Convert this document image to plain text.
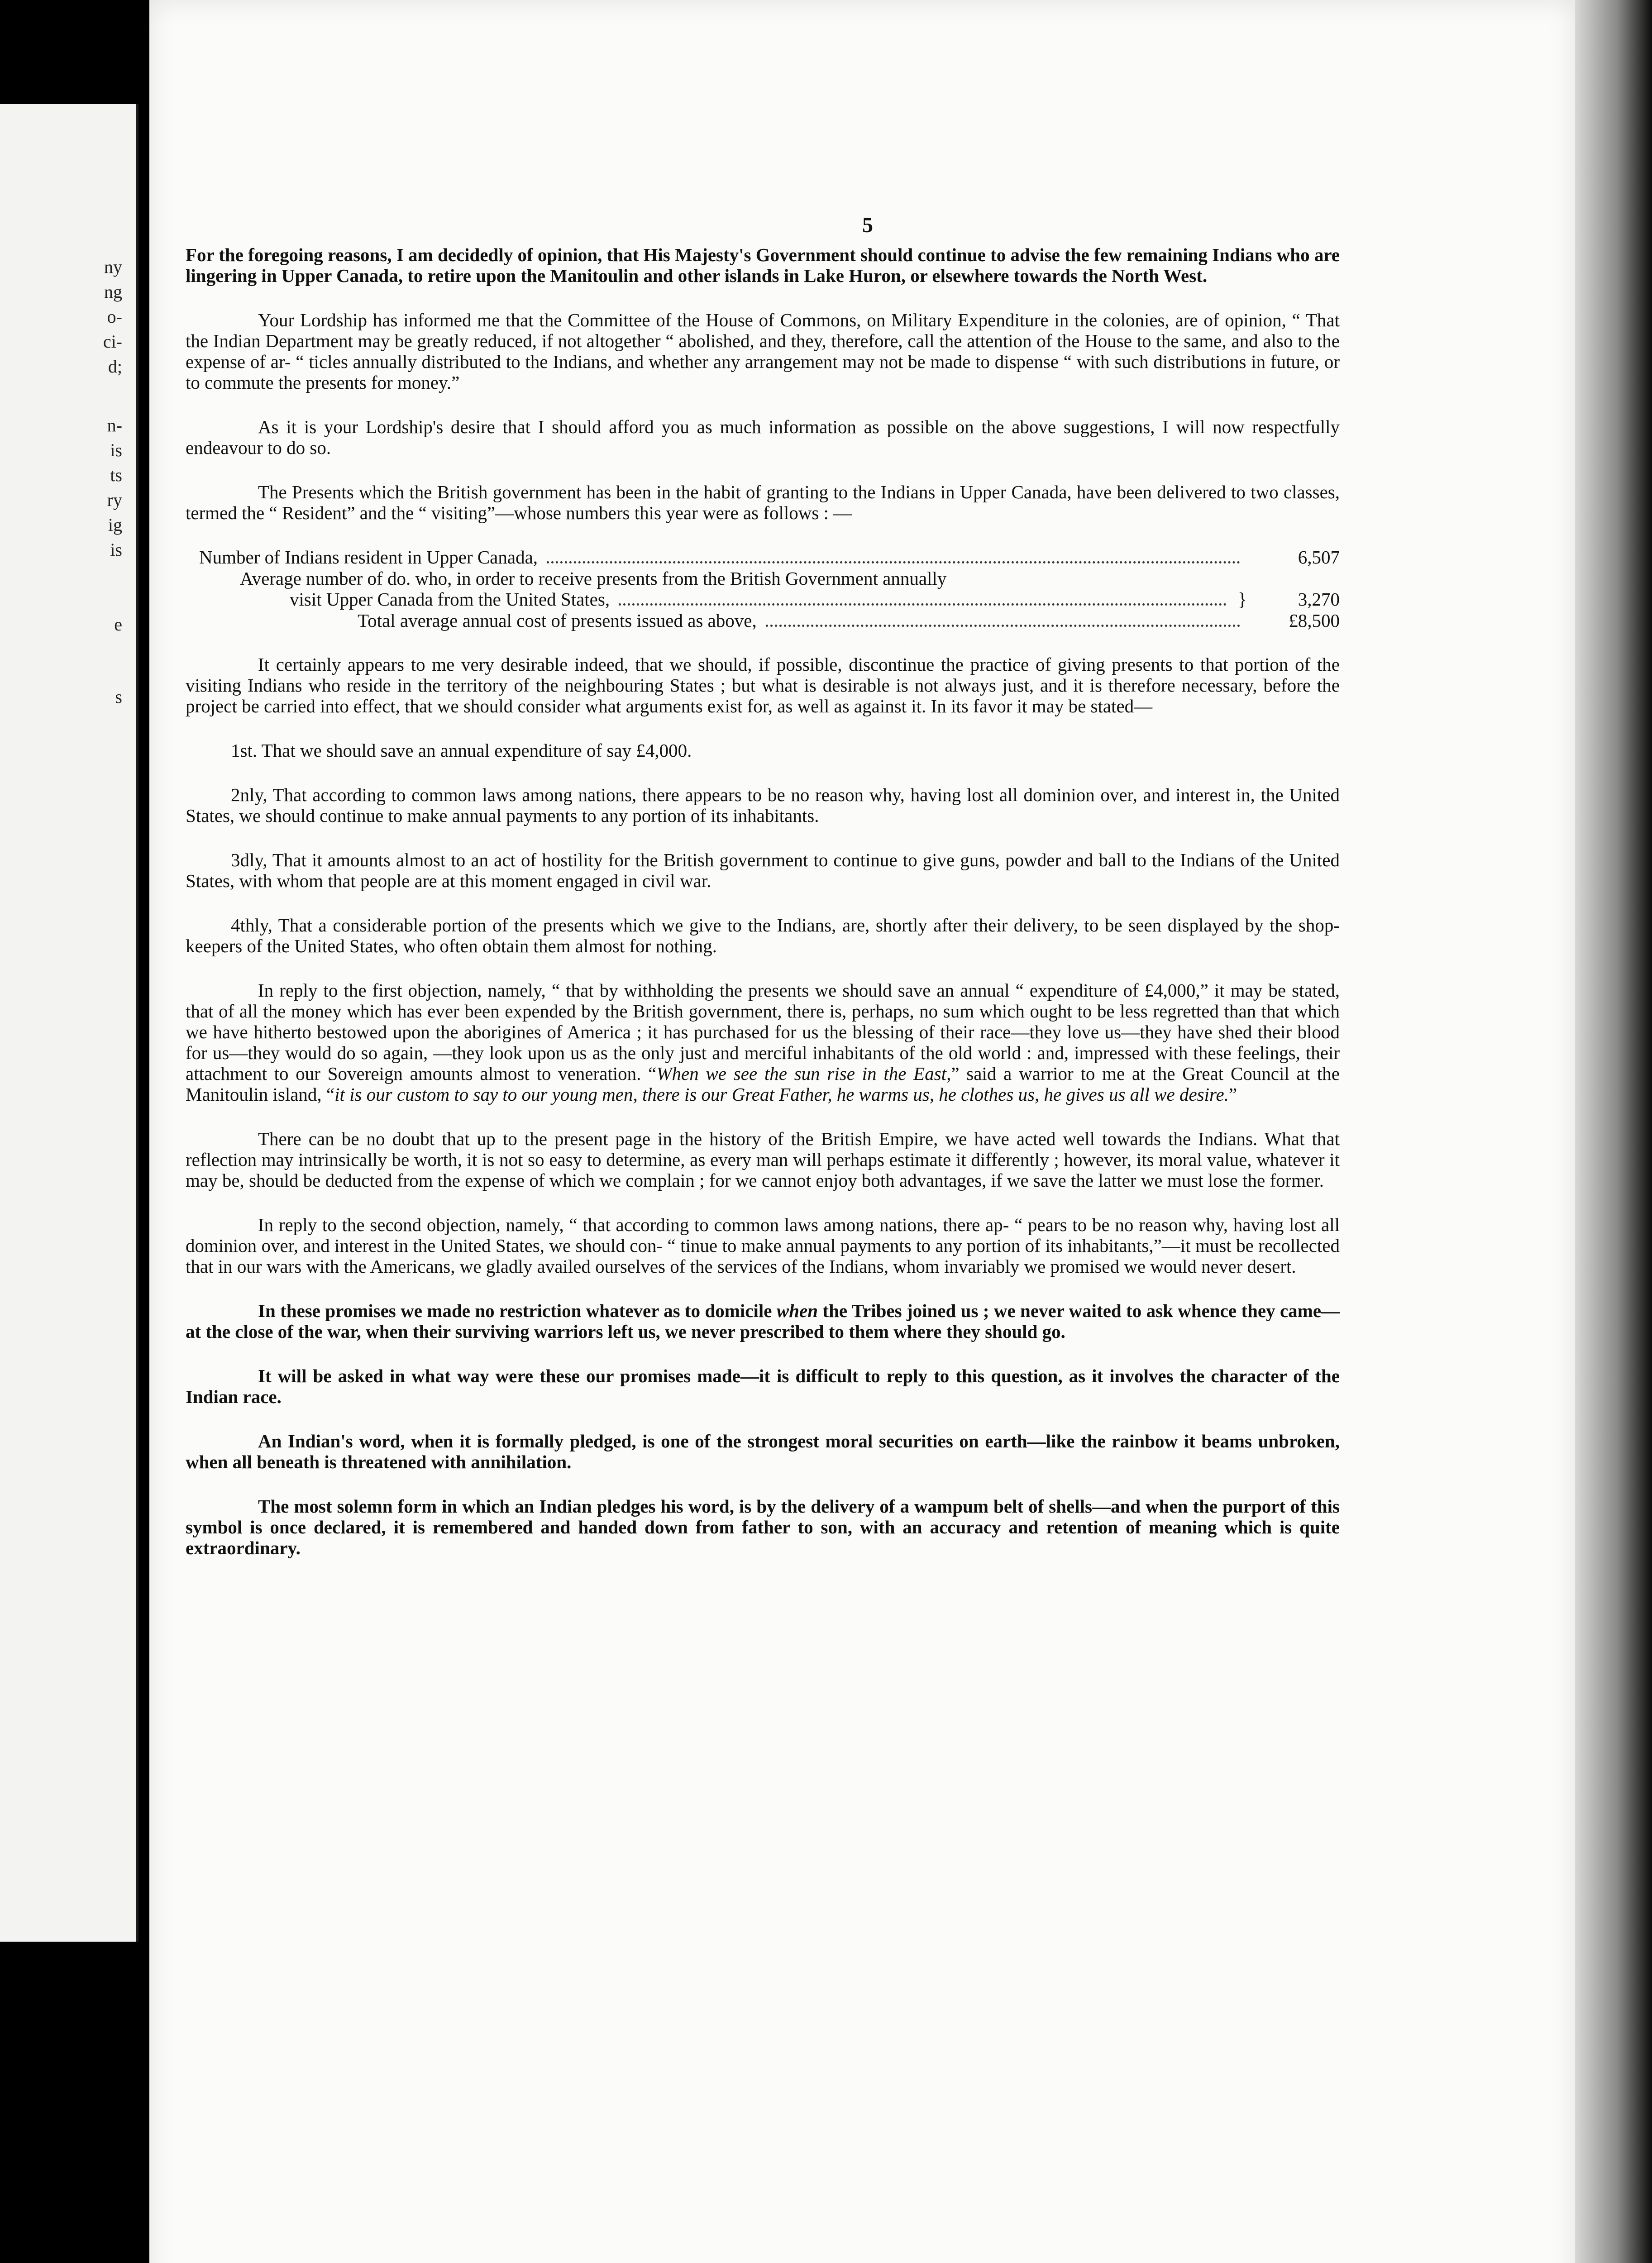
ny
ng
o-
ci-
d;
n-
is
ts
ry
ig
is
e
s
5

For the foregoing reasons, I am decidedly of opinion, that His Majesty's Government should continue to advise the few remaining Indians who are lingering in Upper Canada, to retire upon the Manitoulin and other islands in Lake Huron, or elsewhere towards the North West.

Your Lordship has informed me that the Committee of the House of Commons, on Military Expenditure in the colonies, are of opinion, “ That the Indian Department may be greatly reduced, if not altogether “ abolished, and they, therefore, call the attention of the House to the same, and also to the expense of ar- “ ticles annually distributed to the Indians, and whether any arrangement may not be made to dispense “ with such distributions in future, or to commute the presents for money.”

As it is your Lordship's desire that I should afford you as much information as possible on the above suggestions, I will now respectfully endeavour to do so.

The Presents which the British government has been in the habit of granting to the Indians in Upper Canada, have been delivered to two classes, termed the “ Resident” and the “ visiting”—whose numbers this year were as follows : —

Number of Indians resident in Upper Canada,	6,507
Average number of do. who, in order to receive presents from the British Government annually
visit Upper Canada from the United States,	}	3,270
Total average annual cost of presents issued as above,	£8,500

It certainly appears to me very desirable indeed, that we should, if possible, discontinue the practice of giving presents to that portion of the visiting Indians who reside in the territory of the neighbouring States ; but what is desirable is not always just, and it is therefore necessary, before the project be carried into effect, that we should consider what arguments exist for, as well as against it. In its favor it may be stated—

1st. That we should save an annual expenditure of say £4,000.

2nly, That according to common laws among nations, there appears to be no reason why, having lost all dominion over, and interest in, the United States, we should continue to make annual payments to any portion of its inhabitants.

3dly, That it amounts almost to an act of hostility for the British government to continue to give guns, powder and ball to the Indians of the United States, with whom that people are at this moment engaged in civil war.

4thly, That a considerable portion of the presents which we give to the Indians, are, shortly after their delivery, to be seen displayed by the shop-keepers of the United States, who often obtain them almost for nothing.

In reply to the first objection, namely, “ that by withholding the presents we should save an annual “ expenditure of £4,000,” it may be stated, that of all the money which has ever been expended by the British government, there is, perhaps, no sum which ought to be less regretted than that which we have hitherto bestowed upon the aborigines of America ; it has purchased for us the blessing of their race—they love us—they have shed their blood for us—they would do so again, —they look upon us as the only just and merciful inhabitants of the old world : and, impressed with these feelings, their attachment to our Sovereign amounts almost to veneration. “When we see the sun rise in the East,” said a warrior to me at the Great Council at the Manitoulin island, “it is our custom to say to our young men, there is our Great Father, he warms us, he clothes us, he gives us all we desire.”

There can be no doubt that up to the present page in the history of the British Empire, we have acted well towards the Indians. What that reflection may intrinsically be worth, it is not so easy to determine, as every man will perhaps estimate it differently ; however, its moral value, whatever it may be, should be deducted from the expense of which we complain ; for we cannot enjoy both advantages, if we save the latter we must lose the former.

In reply to the second objection, namely, “ that according to common laws among nations, there ap- “ pears to be no reason why, having lost all dominion over, and interest in the United States, we should con- “ tinue to make annual payments to any portion of its inhabitants,”—it must be recollected that in our wars with the Americans, we gladly availed ourselves of the services of the Indians, whom invariably we promised we would never desert.

In these promises we made no restriction whatever as to domicile when the Tribes joined us ; we never waited to ask whence they came—at the close of the war, when their surviving warriors left us, we never prescribed to them where they should go.

It will be asked in what way were these our promises made—it is difficult to reply to this question, as it involves the character of the Indian race.

An Indian's word, when it is formally pledged, is one of the strongest moral securities on earth—like the rainbow it beams unbroken, when all beneath is threatened with annihilation.

The most solemn form in which an Indian pledges his word, is by the delivery of a wampum belt of shells—and when the purport of this symbol is once declared, it is remembered and handed down from father to son, with an accuracy and retention of meaning which is quite extraordinary.
